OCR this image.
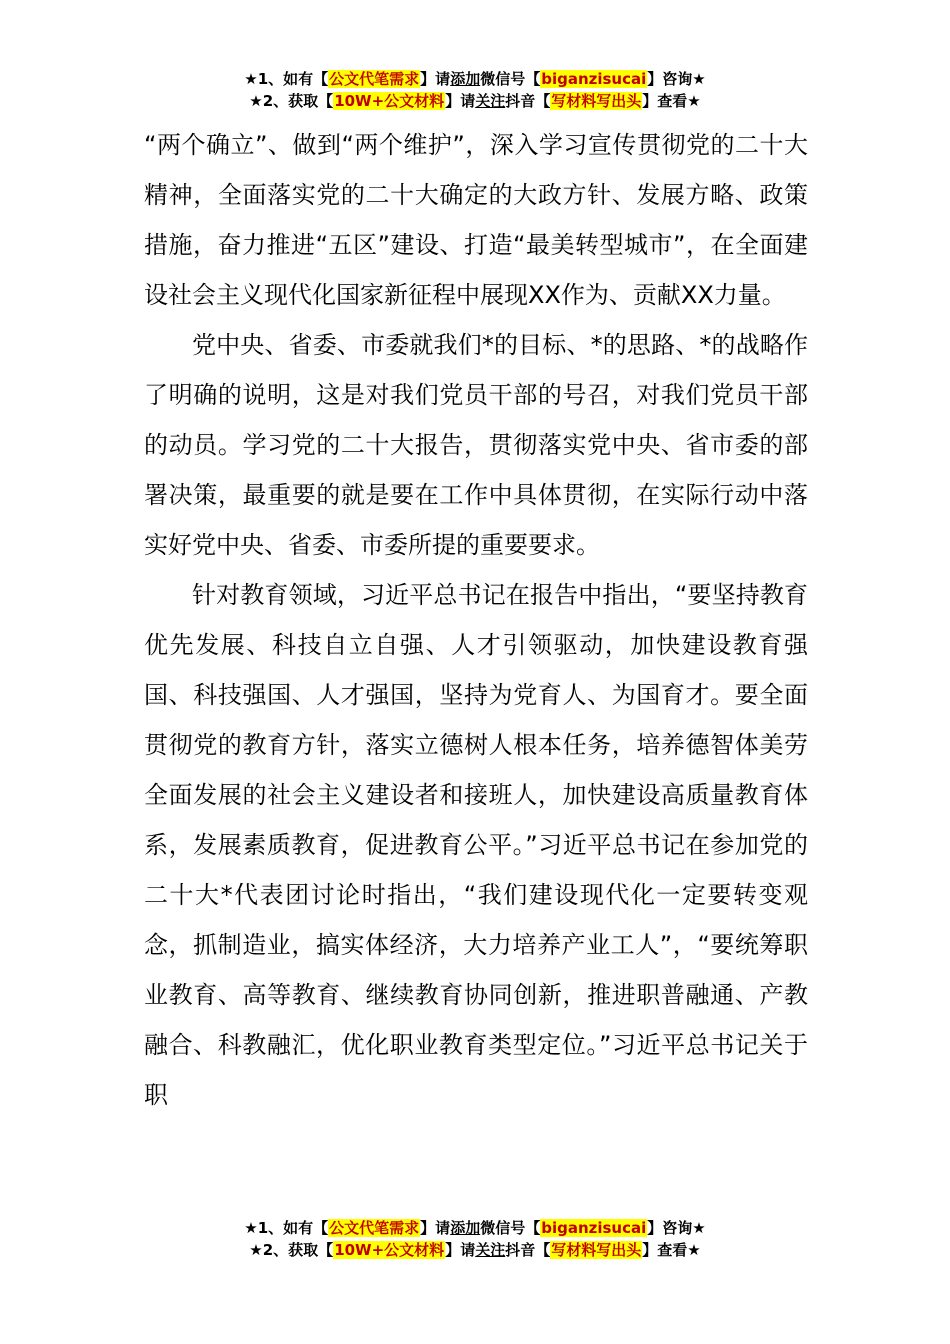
★1、如有【公文代笔需求】请添加微信号【biganzisucai】咨询★
★2、获取【10W+公文材料】请关注抖音【写材料写出头】查看★

“两个确立”、做到“两个维护”，深入学习宣传贯彻党的二十大精神，全面落实党的二十大确定的大政方针、发展方略、政策措施，奋力推进“五区”建设、打造“最美转型城市”，在全面建设社会主义现代化国家新征程中展现XX作为、贡献XX力量。

党中央、省委、市委就我们*的目标、*的思路、*的战略作了明确的说明，这是对我们党员干部的号召，对我们党员干部的动员。学习党的二十大报告，贯彻落实党中央、省市委的部署决策，最重要的就是要在工作中具体贯彻，在实际行动中落实好党中央、省委、市委所提的重要要求。

针对教育领域，习近平总书记在报告中指出，“要坚持教育优先发展、科技自立自强、人才引领驱动，加快建设教育强国、科技强国、人才强国，坚持为党育人、为国育才。要全面贯彻党的教育方针，落实立德树人根本任务，培养德智体美劳全面发展的社会主义建设者和接班人，加快建设高质量教育体系，发展素质教育，促进教育公平。”习近平总书记在参加党的二十大*代表团讨论时指出，“我们建设现代化一定要转变观念，抓制造业，搞实体经济，大力培养产业工人”，“要统筹职业教育、高等教育、继续教育协同创新，推进职普融通、产教融合、科教融汇，优化职业教育类型定位。”习近平总书记关于职

★1、如有【公文代笔需求】请添加微信号【biganzisucai】咨询★
★2、获取【10W+公文材料】请关注抖音【写材料写出头】查看★
